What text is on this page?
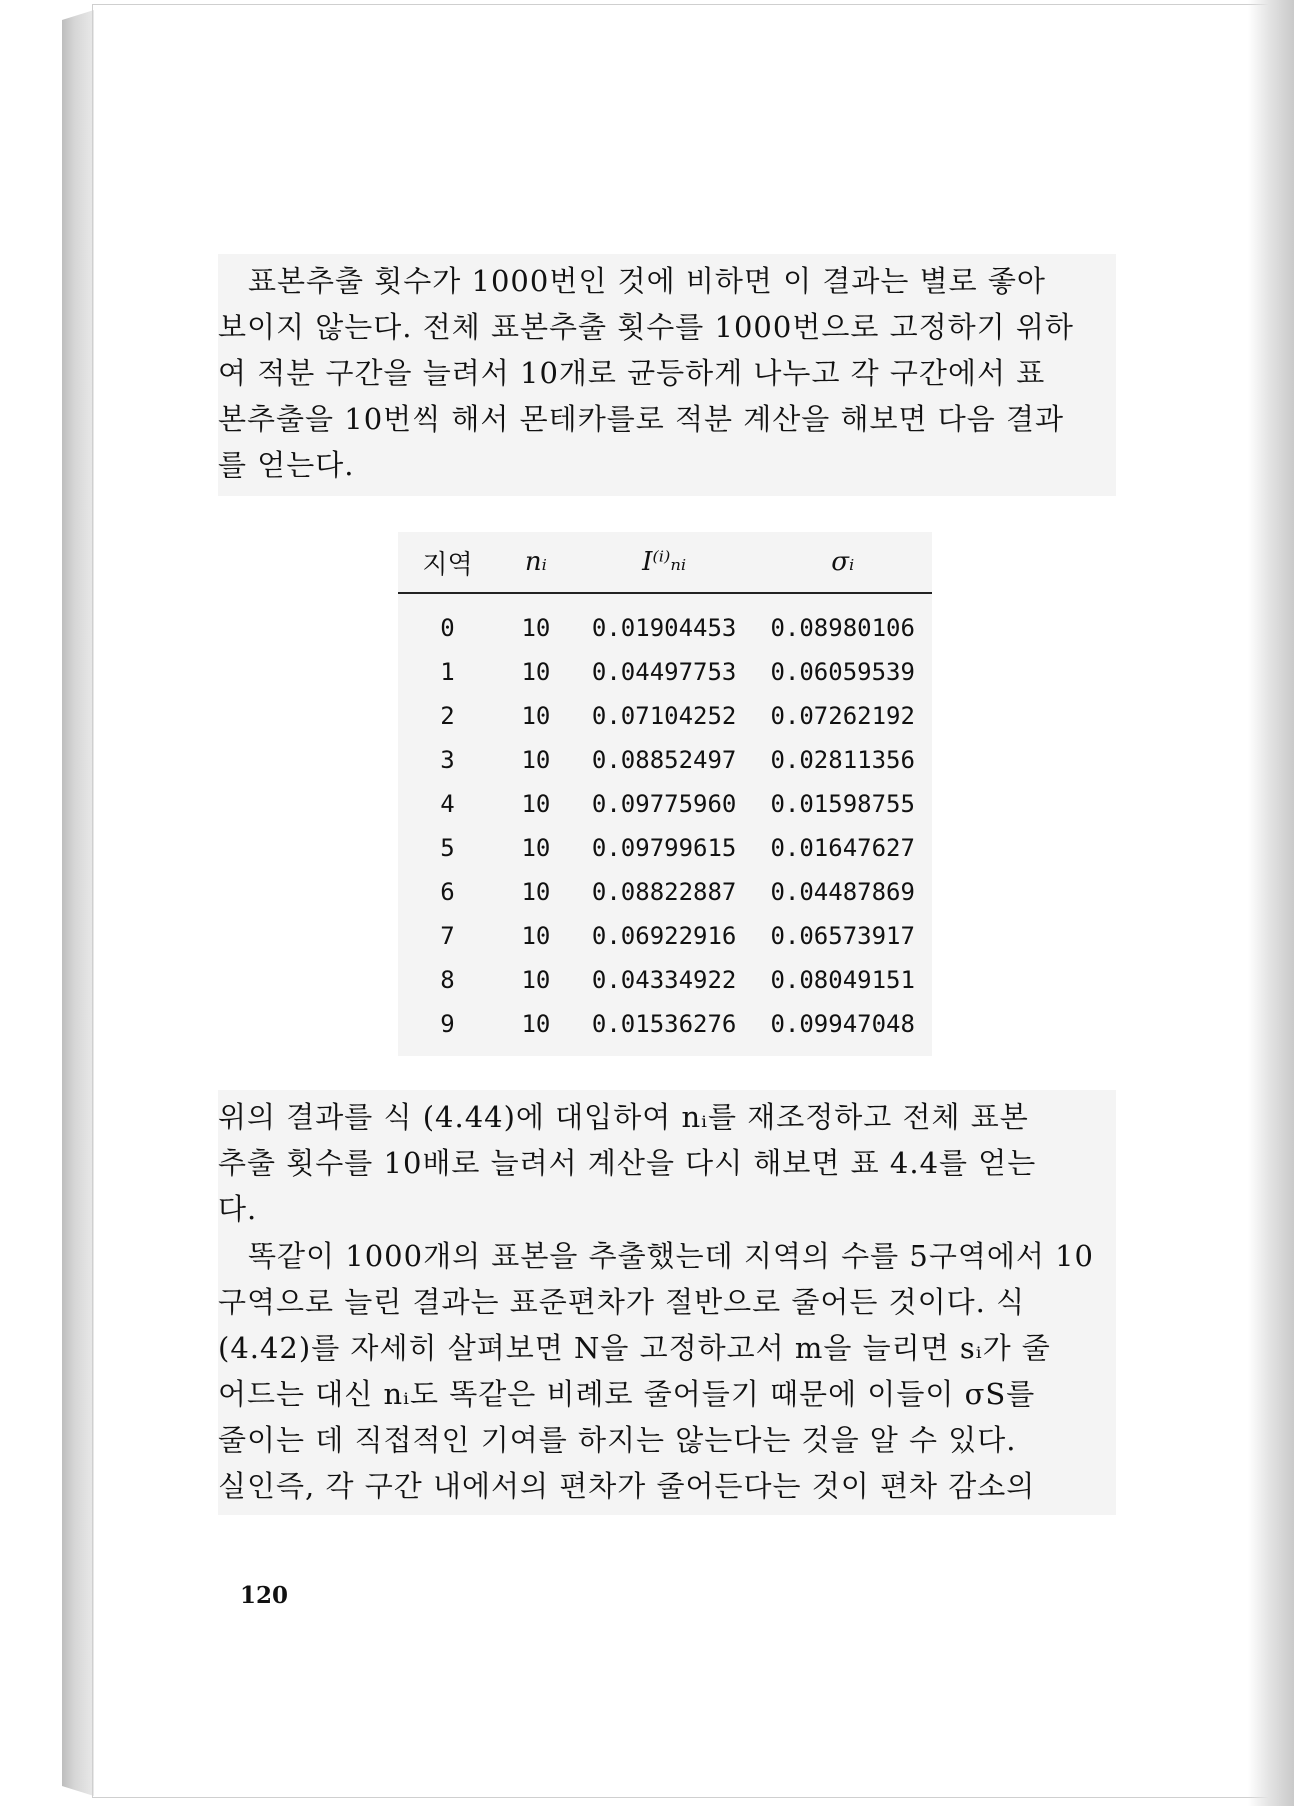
표본추출 횟수가 1000번인 것에 비하면 이 결과는 별로 좋아
보이지 않는다. 전체 표본추출 횟수를 1000번으로 고정하기 위하
여 적분 구간을 늘려서 10개로 균등하게 나누고 각 구간에서 표
본추출을 10번씩 해서 몬테카를로 적분 계산을 해보면 다음 결과
를 얻는다.
지역	nᵢ	I⁽ⁱ⁾ₙᵢ	σᵢ
0	10	0.01904453	0.08980106
1	10	0.04497753	0.06059539
2	10	0.07104252	0.07262192
3	10	0.08852497	0.02811356
4	10	0.09775960	0.01598755
5	10	0.09799615	0.01647627
6	10	0.08822887	0.04487869
7	10	0.06922916	0.06573917
8	10	0.04334922	0.08049151
9	10	0.01536276	0.09947048
위의 결과를 식 (4.44)에 대입하여 nᵢ를 재조정하고 전체 표본
추출 횟수를 10배로 늘려서 계산을 다시 해보면 표 4.4를 얻는
다.
똑같이 1000개의 표본을 추출했는데 지역의 수를 5구역에서 10
구역으로 늘린 결과는 표준편차가 절반으로 줄어든 것이다. 식
(4.42)를 자세히 살펴보면 N을 고정하고서 m을 늘리면 sᵢ가 줄
어드는 대신 nᵢ도 똑같은 비례로 줄어들기 때문에 이들이 σS를
줄이는 데 직접적인 기여를 하지는 않는다는 것을 알 수 있다.
실인즉, 각 구간 내에서의 편차가 줄어든다는 것이 편차 감소의
120
